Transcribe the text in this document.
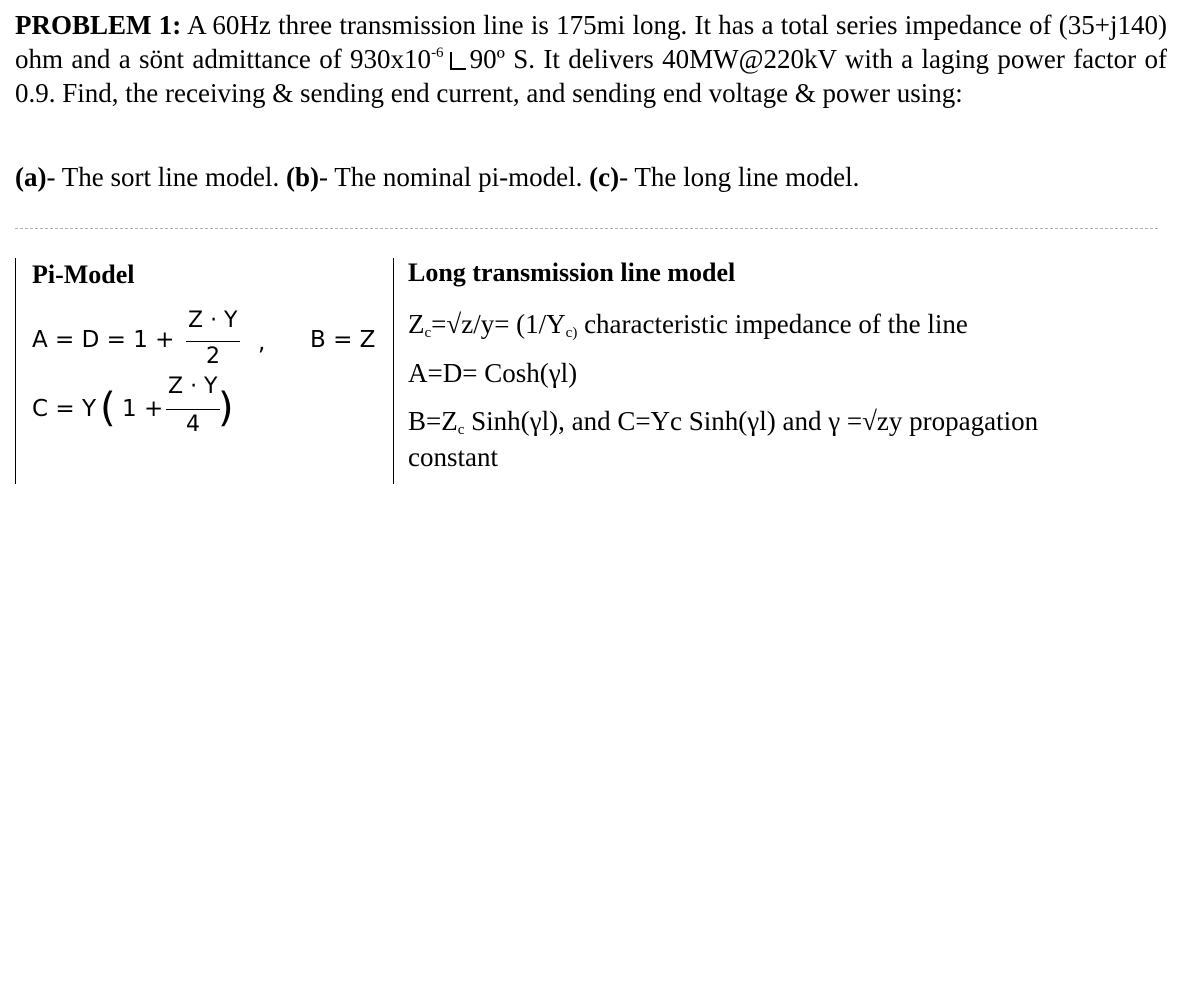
PROBLEM 1: A 60Hz three transmission line is 175mi long. It has a total series impedance of (35+j140) ohm and a sönt admittance of $930x10^{-6}$ 90º S. It delivers 40MW@220kV with a laging power factor of 0.9. Find, the receiving & sending end current, and sending end voltage & power using:
(a)- The sort line model. (b)- The nominal pi-model. (c)- The long line model.
Pi-Model
A = D = 1 +
Z · Y
2
, B = Z
C = Y ( 1 +
Z · Y
4 )
Long transmission line model
$Z_c=√z/y= (1/Y_{c)}$ characteristic impedance of the line
A=D= Cosh(γl)
$B=Z_c$ Sinh(γl), and C=Yc Sinh(γl) and γ =√zy propagation
constant
